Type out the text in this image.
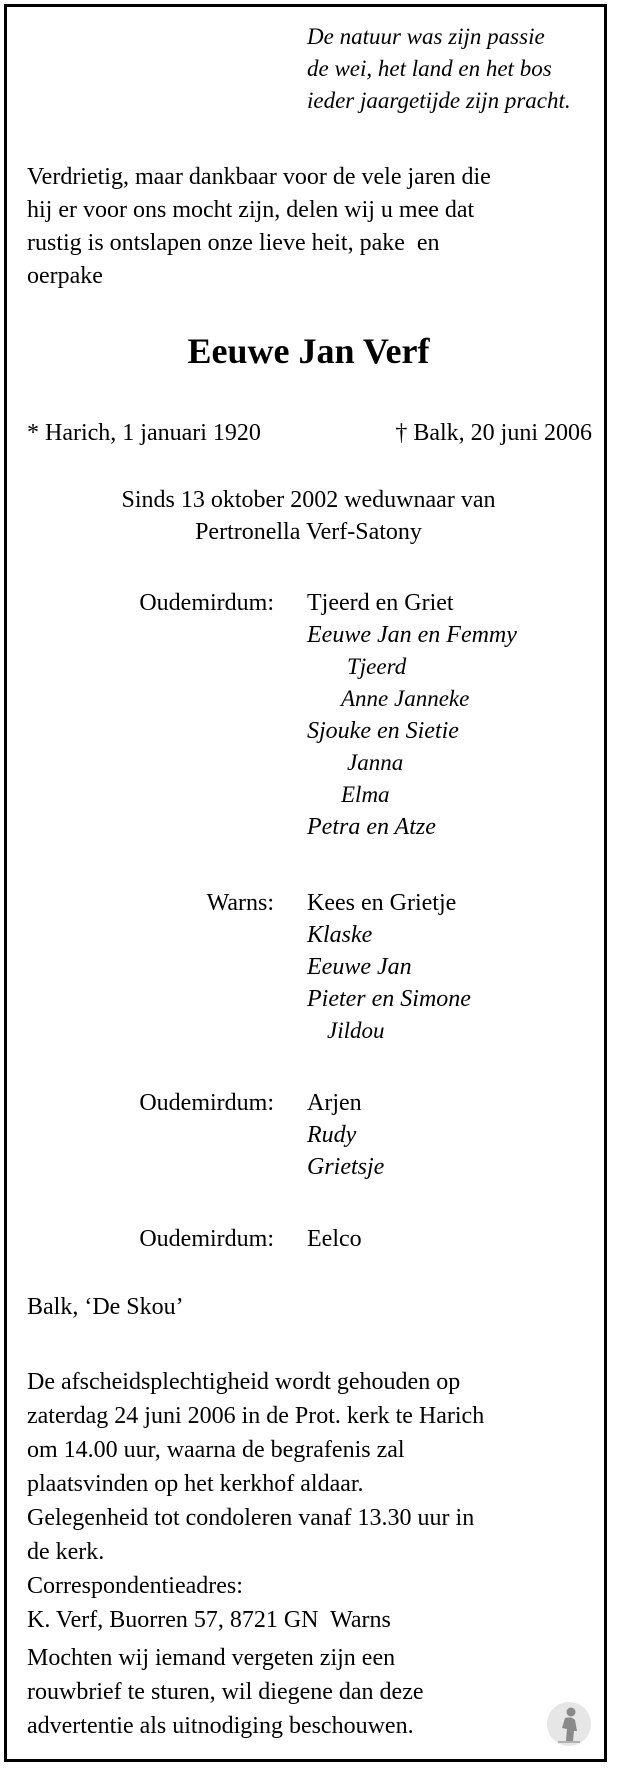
De natuur was zijn passie
de wei, het land en het bos
ieder jaargetijde zijn pracht.
Verdrietig, maar dankbaar voor de vele jaren die
hij er voor ons mocht zijn, delen wij u mee dat
rustig is ontslapen onze lieve heit, pake  en
oerpake
Eeuwe Jan Verf
* Harich, 1 januari 1920	† Balk, 20 juni 2006
Sinds 13 oktober 2002 weduwnaar van
Pertronella Verf-Satony
Oudemirdum: Tjeerd en Griet
Eeuwe Jan en Femmy
Tjeerd
Anne Janneke
Sjouke en Sietie
Janna
Elma
Petra en Atze
Warns: Kees en Grietje
Klaske
Eeuwe Jan
Pieter en Simone
Jildou
Oudemirdum: Arjen
Rudy
Grietsje
Oudemirdum: Eelco
Balk, ‘De Skou’
De afscheidsplechtigheid wordt gehouden op
zaterdag 24 juni 2006 in de Prot. kerk te Harich
om 14.00 uur, waarna de begrafenis zal
plaatsvinden op het kerkhof aldaar.
Gelegenheid tot condoleren vanaf 13.30 uur in
de kerk.
Correspondentieadres:
K. Verf, Buorren 57, 8721 GN  Warns
Mochten wij iemand vergeten zijn een
rouwbrief te sturen, wil diegene dan deze
advertentie als uitnodiging beschouwen.
